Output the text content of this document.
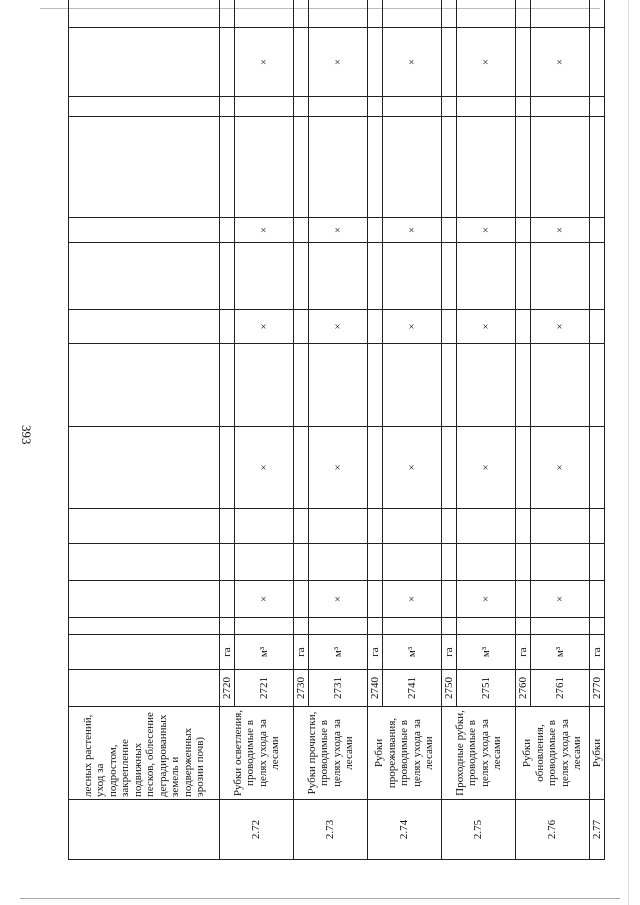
393

	лесных растений, уход за подростом, закрепление подвижных песков, облесение деградированных земель и подверженных эрозии почв)																

2.72	Рубки осветления, проводимые в целях ухода за лесами	2720	га														
		2721	м³		×			×		×		×			×		
2.73	Рубки прочистки, проводимые в целях ухода за лесами	2730	га														
		2731	м³		×			×		×		×			×		
2.74	Рубки прореживания, проводимые в целях ухода за лесами	2740	га														
		2741	м³		×			×		×		×			×		
2.75	Проходные рубки, проводимые в целях ухода за лесами	2750	га														
		2751	м³		×			×		×		×			×		
2.76	Рубки обновления, проводимые в целях ухода за лесами	2760	га														
		2761	м³		×			×		×		×			×		
2.77	Рубки	2770	га														
